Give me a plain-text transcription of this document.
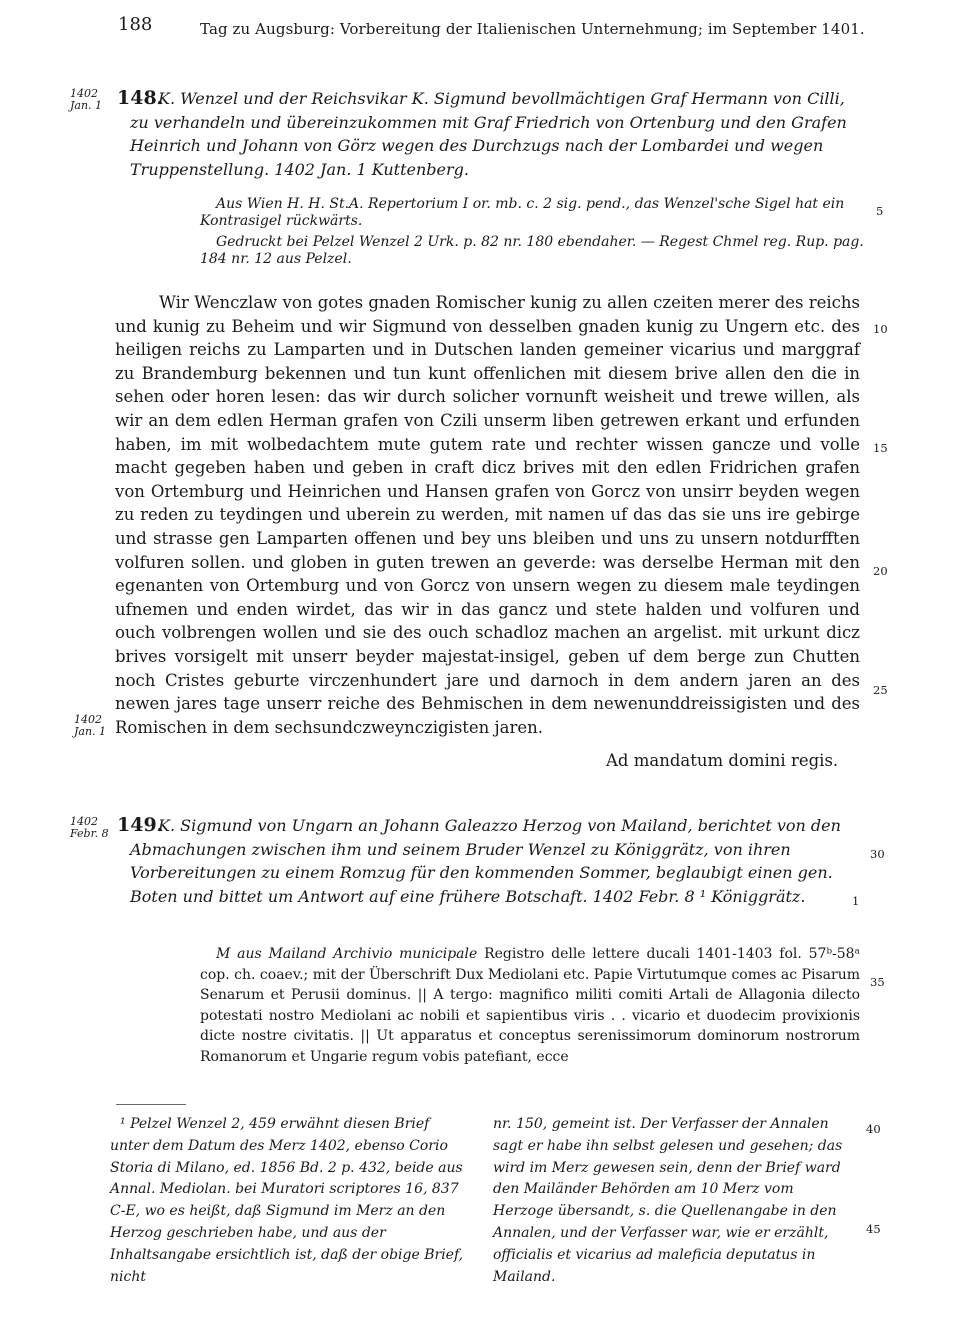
188	Tag zu Augsburg: Vorbereitung der Italienischen Unternehmung; im September 1401.
1402
Jan. 1 148.
K. Wenzel und der Reichsvikar K. Sigmund bevollmächtigen Graf Hermann von Cilli, zu verhandeln und übereinzukommen mit Graf Friedrich von Ortenburg und den Grafen Heinrich und Johann von Görz wegen des Durchzugs nach der Lombardei und wegen Truppenstellung. 1402 Jan. 1 Kuttenberg.
Aus Wien H. H. St.A. Repertorium I or. mb. c. 2 sig. pend., das Wenzel'sche Sigel hat ein Kontrasigel rückwärts.
Gedruckt bei Pelzel Wenzel 2 Urk. p. 82 nr. 180 ebendaher. — Regest Chmel reg. Rup. pag. 184 nr. 12 aus Pelzel.
Wir Wenczlaw von gotes gnaden Romischer kunig zu allen czeiten merer des reichs und kunig zu Beheim und wir Sigmund von desselben gnaden kunig zu Ungern etc. des heiligen reichs zu Lamparten und in Dutschen landen gemeiner vicarius und marggraf zu Brandemburg bekennen und tun kunt offenlichen mit diesem brive allen den die in sehen oder horen lesen: das wir durch solicher vornunft weisheit und trewe willen, als wir an dem edlen Herman grafen von Czili unserm liben getrewen erkant und erfunden haben, im mit wolbedachtem mute gutem rate und rechter wissen gancze und volle macht gegeben haben und geben in craft dicz brives mit den edlen Fridrichen grafen von Ortemburg und Heinrichen und Hansen grafen von Gorcz von unsirr beyden wegen zu reden zu teydingen und uberein zu werden, mit namen uf das das sie uns ire gebirge und strasse gen Lamparten offenen und bey uns bleiben und uns zu unsern notdurfften volfuren sollen. und globen in guten trewen an geverde: was derselbe Herman mit den egenanten von Ortemburg und von Gorcz von unsern wegen zu diesem male teydingen ufnemen und enden wirdet, das wir in das gancz und stete halden und volfuren und ouch volbrengen wollen und sie des ouch schadloz machen an argelist. mit urkunt dicz brives vorsigelt mit unserr beyder majestat-insigel, geben uf dem berge zun Chutten noch Cristes geburte virczenhundert jare und darnoch in dem andern jaren an des newen jares tage unserr reiche des Behmischen in dem newenunddreissigisten und des Romischen in dem sechsundczweynczigisten jaren.
1402
Jan. 1
Ad mandatum domini regis.
1402
Febr. 8 149.
K. Sigmund von Ungarn an Johann Galeazzo Herzog von Mailand, berichtet von den Abmachungen zwischen ihm und seinem Bruder Wenzel zu Königgrätz, von ihren Vorbereitungen zu einem Romzug für den kommenden Sommer, beglaubigt einen gen. Boten und bittet um Antwort auf eine frühere Botschaft. 1402 Febr. 8 ¹ Königgrätz.
M aus Mailand Archivio municipale Registro delle lettere ducali 1401-1403 fol. 57ᵇ-58ᵃ cop. ch. coaev.; mit der Überschrift Dux Mediolani etc. Papie Virtutumque comes ac Pisarum Senarum et Perusii dominus. || A tergo: magnifico militi comiti Artali de Allagonia dilecto potestati nostro Mediolani ac nobili et sapientibus viris . . vicario et duodecim provixionis dicte nostre civitatis. || Ut apparatus et conceptus serenissimorum dominorum nostrorum Romanorum et Ungarie regum vobis patefiant, ecce
¹ Pelzel Wenzel 2, 459 erwähnt diesen Brief unter dem Datum des Merz 1402, ebenso Corio Storia di Milano, ed. 1856 Bd. 2 p. 432, beide aus Annal. Mediolan. bei Muratori scriptores 16, 837 C-E, wo es heißt, daß Sigmund im Merz an den Herzog geschrieben habe, und aus der Inhaltsangabe ersichtlich ist, daß der obige Brief, nicht
nr. 150, gemeint ist. Der Verfasser der Annalen sagt er habe ihn selbst gelesen und gesehen; das wird im Merz gewesen sein, denn der Brief ward den Mailänder Behörden am 10 Merz vom Herzoge übersandt, s. die Quellenangabe in den Annalen, und der Verfasser war, wie er erzählt, officialis et vicarius ad maleficia deputatus in Mailand.
5
10
15
20
25
30
1
35
40
45
